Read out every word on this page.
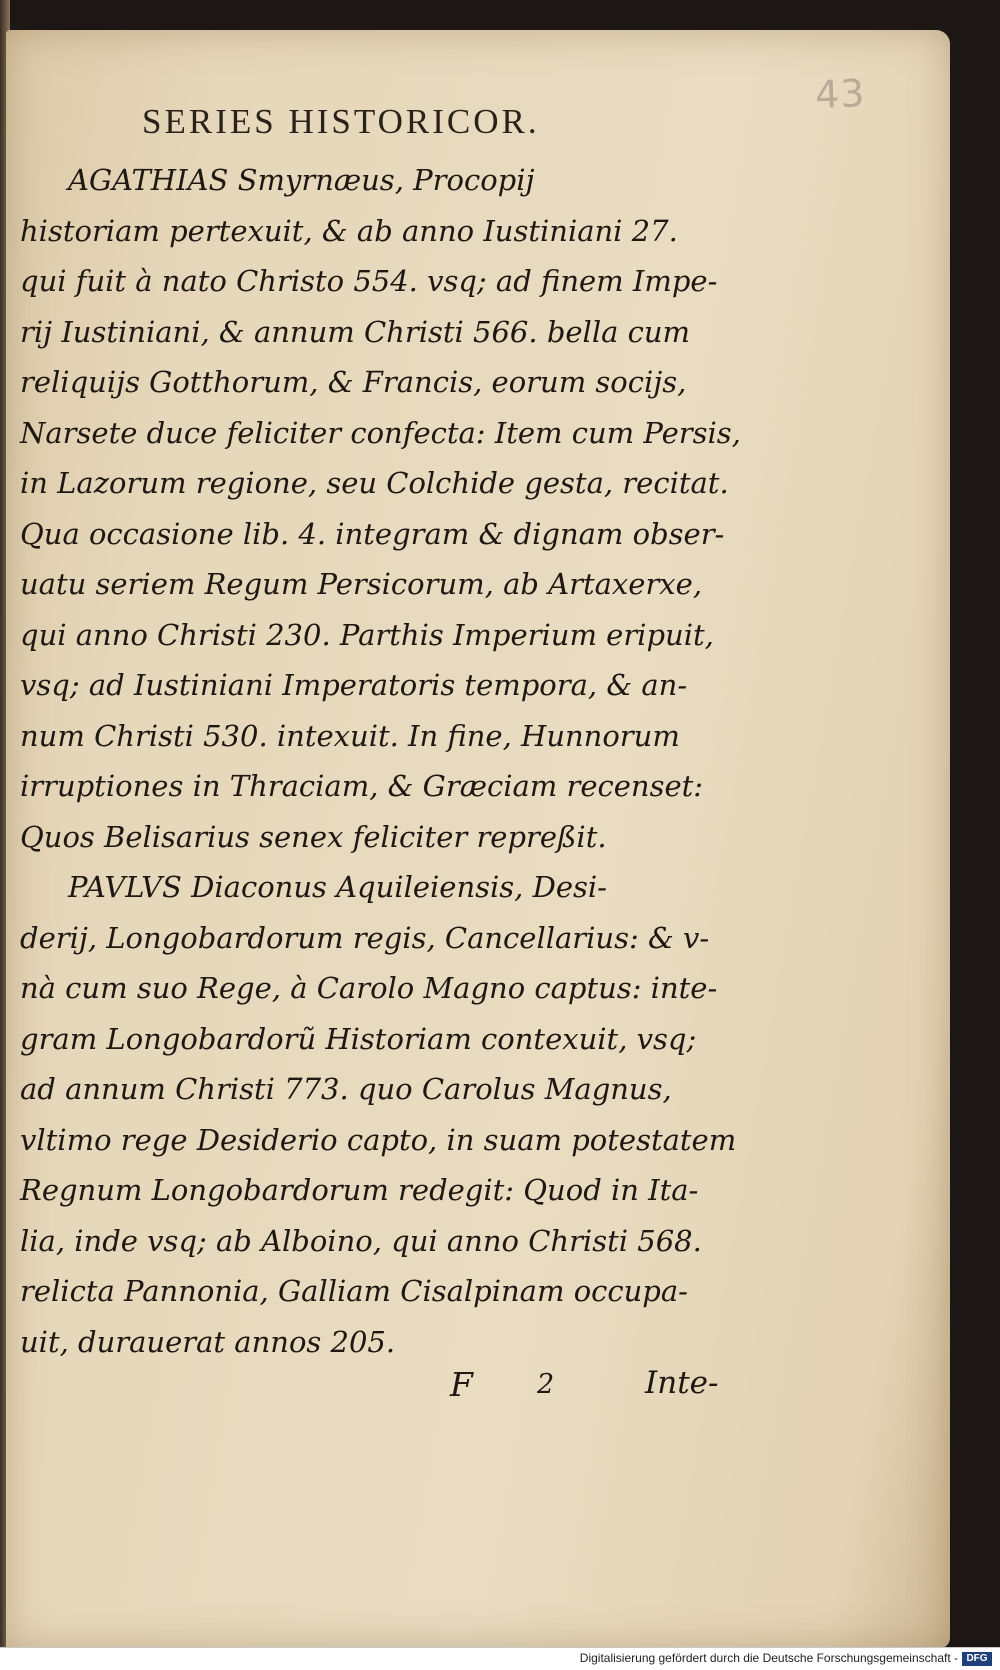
43
SERIES HISTORICOR.
AGATHIAS Smyrnæus, Procopij
historiam pertexuit, & ab anno Iustiniani 27.
qui fuit à nato Christo 554. vsq; ad finem Impe-
rij Iustiniani, & annum Christi 566. bella cum
reliquijs Gotthorum, & Francis, eorum socijs,
Narsete duce feliciter confecta: Item cum Persis,
in Lazorum regione, seu Colchide gesta, recitat.
Qua occasione lib. 4. integram & dignam obser-
uatu seriem Regum Persicorum, ab Artaxerxe,
qui anno Christi 230. Parthis Imperium eripuit,
vsq; ad Iustiniani Imperatoris tempora, & an-
num Christi 530. intexuit. In fine, Hunnorum
irruptiones in Thraciam, & Græciam recenset:
Quos Belisarius senex feliciter repreßit.
PAVLVS Diaconus Aquileiensis, Desi-
derij, Longobardorum regis, Cancellarius: & v-
nà cum suo Rege, à Carolo Magno captus: inte-
gram Longobardorũ Historiam contexuit, vsq;
ad annum Christi 773. quo Carolus Magnus,
vltimo rege Desiderio capto, in suam potestatem
Regnum Longobardorum redegit: Quod in Ita-
lia, inde vsq; ab Alboino, qui anno Christi 568.
relicta Pannonia, Galliam Cisalpinam occupa-
uit, durauerat annos 205.
F 2	Inte-
Digitalisierung gefördert durch die Deutsche Forschungsgemeinschaft - DFG
